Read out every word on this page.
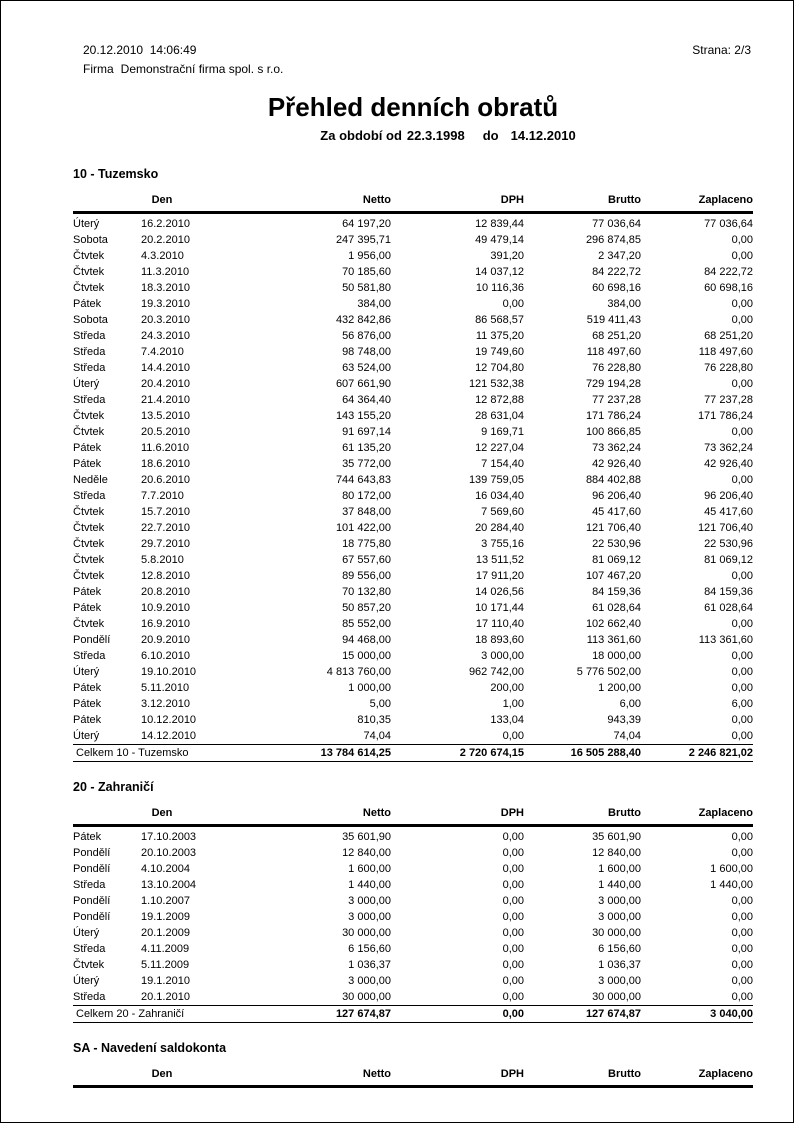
20.12.2010  14:06:49
Firma Demonstrační firma spol. s r.o.
Strana: 2/3
Přehled denních obratů
Za období od 22.3.1998 do 14.12.2010
10 - Tuzemsko
Den		Netto	DPH	Brutto	Zaplaceno
Úterý	16.2.2010	64 197,20	12 839,44	77 036,64	77 036,64
Sobota	20.2.2010	247 395,71	49 479,14	296 874,85	0,00
Čtvtek	4.3.2010	1 956,00	391,20	2 347,20	0,00
Čtvtek	11.3.2010	70 185,60	14 037,12	84 222,72	84 222,72
Čtvtek	18.3.2010	50 581,80	10 116,36	60 698,16	60 698,16
Pátek	19.3.2010	384,00	0,00	384,00	0,00
Sobota	20.3.2010	432 842,86	86 568,57	519 411,43	0,00
Středa	24.3.2010	56 876,00	11 375,20	68 251,20	68 251,20
Středa	7.4.2010	98 748,00	19 749,60	118 497,60	118 497,60
Středa	14.4.2010	63 524,00	12 704,80	76 228,80	76 228,80
Úterý	20.4.2010	607 661,90	121 532,38	729 194,28	0,00
Středa	21.4.2010	64 364,40	12 872,88	77 237,28	77 237,28
Čtvtek	13.5.2010	143 155,20	28 631,04	171 786,24	171 786,24
Čtvtek	20.5.2010	91 697,14	9 169,71	100 866,85	0,00
Pátek	11.6.2010	61 135,20	12 227,04	73 362,24	73 362,24
Pátek	18.6.2010	35 772,00	7 154,40	42 926,40	42 926,40
Neděle	20.6.2010	744 643,83	139 759,05	884 402,88	0,00
Středa	7.7.2010	80 172,00	16 034,40	96 206,40	96 206,40
Čtvtek	15.7.2010	37 848,00	7 569,60	45 417,60	45 417,60
Čtvtek	22.7.2010	101 422,00	20 284,40	121 706,40	121 706,40
Čtvtek	29.7.2010	18 775,80	3 755,16	22 530,96	22 530,96
Čtvtek	5.8.2010	67 557,60	13 511,52	81 069,12	81 069,12
Čtvtek	12.8.2010	89 556,00	17 911,20	107 467,20	0,00
Pátek	20.8.2010	70 132,80	14 026,56	84 159,36	84 159,36
Pátek	10.9.2010	50 857,20	10 171,44	61 028,64	61 028,64
Čtvtek	16.9.2010	85 552,00	17 110,40	102 662,40	0,00
Pondělí	20.9.2010	94 468,00	18 893,60	113 361,60	113 361,60
Středa	6.10.2010	15 000,00	3 000,00	18 000,00	0,00
Úterý	19.10.2010	4 813 760,00	962 742,00	5 776 502,00	0,00
Pátek	5.11.2010	1 000,00	200,00	1 200,00	0,00
Pátek	3.12.2010	5,00	1,00	6,00	6,00
Pátek	10.12.2010	810,35	133,04	943,39	0,00
Úterý	14.12.2010	74,04	0,00	74,04	0,00
Celkem 10 - Tuzemsko		13 784 614,25	2 720 674,15	16 505 288,40	2 246 821,02
20 - Zahraničí
Den		Netto	DPH	Brutto	Zaplaceno
Pátek	17.10.2003	35 601,90	0,00	35 601,90	0,00
Pondělí	20.10.2003	12 840,00	0,00	12 840,00	0,00
Pondělí	4.10.2004	1 600,00	0,00	1 600,00	1 600,00
Středa	13.10.2004	1 440,00	0,00	1 440,00	1 440,00
Pondělí	1.10.2007	3 000,00	0,00	3 000,00	0,00
Pondělí	19.1.2009	3 000,00	0,00	3 000,00	0,00
Úterý	20.1.2009	30 000,00	0,00	30 000,00	0,00
Středa	4.11.2009	6 156,60	0,00	6 156,60	0,00
Čtvtek	5.11.2009	1 036,37	0,00	1 036,37	0,00
Úterý	19.1.2010	3 000,00	0,00	3 000,00	0,00
Středa	20.1.2010	30 000,00	0,00	30 000,00	0,00
Celkem 20 - Zahraničí		127 674,87	0,00	127 674,87	3 040,00
SA - Navedení saldokonta
Den	Netto	DPH	Brutto	Zaplaceno
